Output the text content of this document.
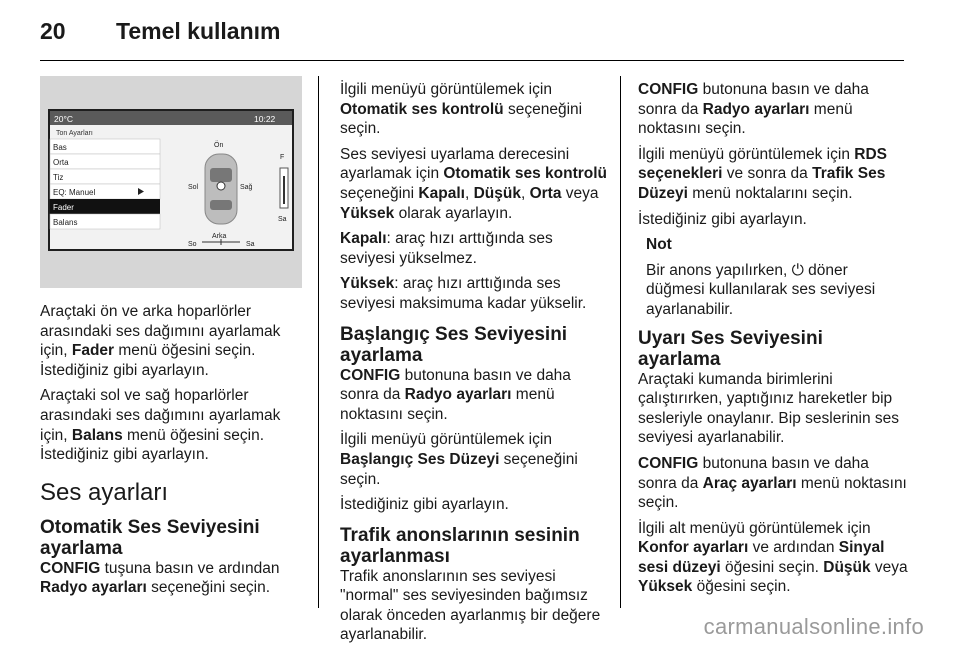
20 Temel kullanım
20°C	10:22
Ton Ayarları
Bas
Orta
Tiz
EQ: Manuel
Fader
Balans
Ön
Arka
Sol	Sağ
F
Sa
So	Sa

Araçtaki ön ve arka hoparlörler arasındaki ses dağımını ayarlamak için, Fader menü öğesini seçin. İstediğiniz gibi ayarlayın.

Araçtaki sol ve sağ hoparlörler arasındaki ses dağımını ayarlamak için, Balans menü öğesini seçin. İstediğiniz gibi ayarlayın.

Ses ayarları
Otomatik Ses Seviyesini ayarlama

CONFIG tuşuna basın ve ardından Radyo ayarları seçeneğini seçin.

İlgili menüyü görüntülemek için Otomatik ses kontrolü seçeneğini seçin.

Ses seviyesi uyarlama derecesini ayarlamak için Otomatik ses kontrolü seçeneğini Kapalı, Düşük, Orta veya Yüksek olarak ayarlayın.

Kapalı: araç hızı arttığında ses seviyesi yükselmez.

Yüksek: araç hızı arttığında ses seviyesi maksimuma kadar yükselir.

Başlangıç Ses Seviyesini ayarlama

CONFIG butonuna basın ve daha sonra da Radyo ayarları menü noktasını seçin.

İlgili menüyü görüntülemek için Başlangıç Ses Düzeyi seçeneğini seçin.

İstediğiniz gibi ayarlayın.

Trafik anonslarının sesinin ayarlanması

Trafik anonslarının ses seviyesi "normal" ses seviyesinden bağımsız olarak önceden ayarlanmış bir değere ayarlanabilir.

CONFIG butonuna basın ve daha sonra da Radyo ayarları menü noktasını seçin.

İlgili menüyü görüntülemek için RDS seçenekleri ve sonra da Trafik Ses Düzeyi menü noktalarını seçin.

İstediğiniz gibi ayarlayın.

Not

Bir anons yapılırken, ⏻ döner düğmesi kullanılarak ses seviyesi ayarlanabilir.

Uyarı Ses Seviyesini ayarlama

Araçtaki kumanda birimlerini çalıştırırken, yaptığınız hareketler bip sesleriyle onaylanır. Bip seslerinin ses seviyesi ayarlanabilir.

CONFIG butonuna basın ve daha sonra da Araç ayarları menü noktasını seçin.

İlgili alt menüyü görüntülemek için Konfor ayarları ve ardından Sinyal sesi düzeyi öğesini seçin. Düşük veya Yüksek öğesini seçin.

carmanualsonline.info
